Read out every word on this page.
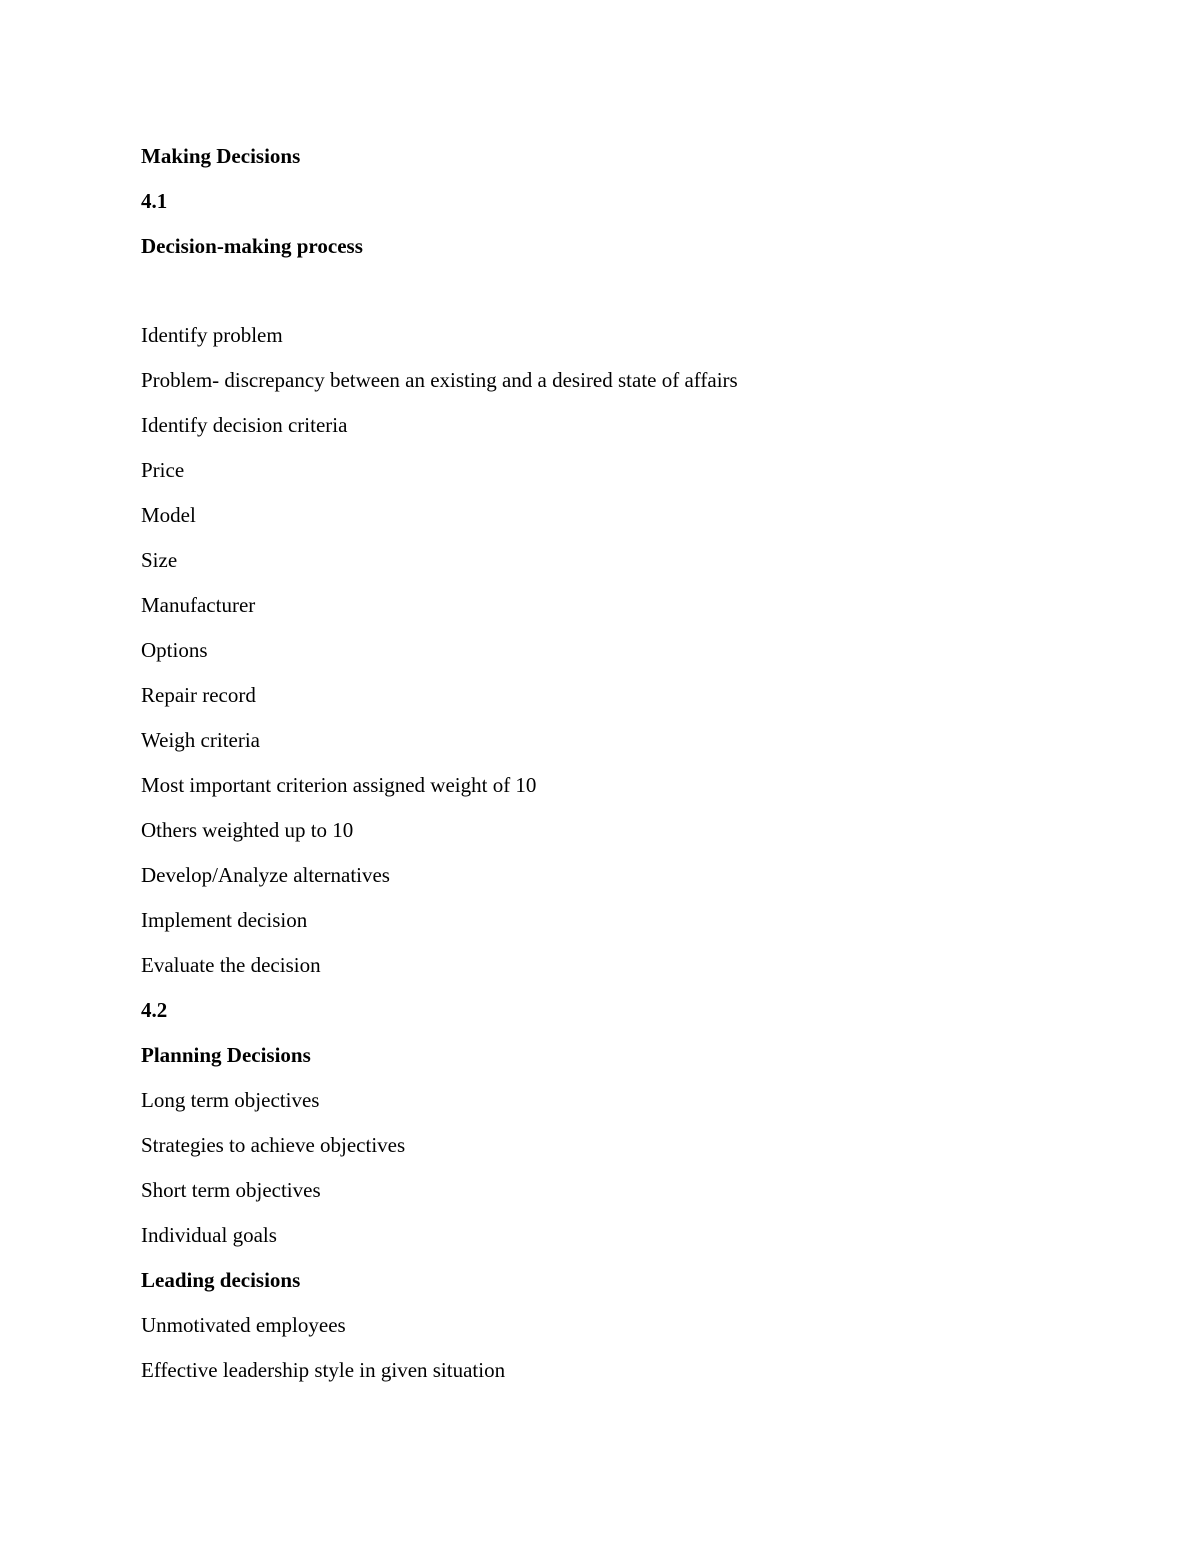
Making Decisions
4.1
Decision-making process
Identify problem
Problem- discrepancy between an existing and a desired state of affairs
Identify decision criteria
Price
Model
Size
Manufacturer
Options
Repair record
Weigh criteria
Most important criterion assigned weight of 10
Others weighted up to 10
Develop/Analyze alternatives
Implement decision
Evaluate the decision
4.2
Planning Decisions
Long term objectives
Strategies to achieve objectives
Short term objectives
Individual goals
Leading decisions
Unmotivated employees
Effective leadership style in given situation
